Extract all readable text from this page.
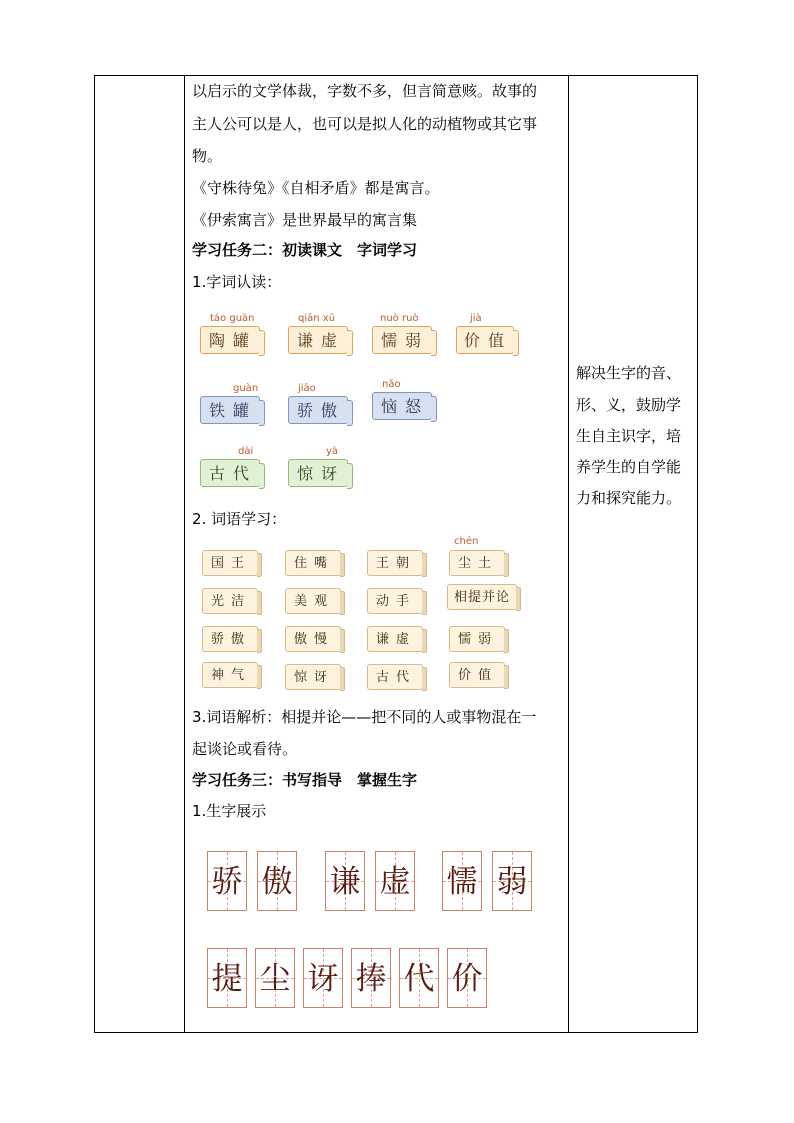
以启示的文学体裁，字数不多，但言简意赅。故事的
主人公可以是人，也可以是拟人化的动植物或其它事
物。
《守株待兔》《自相矛盾》都是寓言。
《伊索寓言》是世界最早的寓言集
学习任务二：初读课文　字词学习
1.字词认读：
táo guàn
陶罐
qiān xū
谦虚
nuò ruò
懦弱
jià
价值
guàn
铁罐
jiāo
骄傲
nǎo
恼怒
dài
古代
yà
惊讶
2. 词语学习：
chén
国王	住嘴	王朝	尘土
光洁	美观	动手	相提并论
骄傲	傲慢	谦虚	懦弱
神气	惊讶	古代	价值
3.词语解析：相提并论——把不同的人或事物混在一
起谈论或看待。
学习任务三：书写指导　掌握生字
1.生字展示
骄 傲 谦 虚 懦 弱
提 尘 讶 捧 代 价
解决生字的音、
形、义，鼓励学
生自主识字，培
养学生的自学能
力和探究能力。
